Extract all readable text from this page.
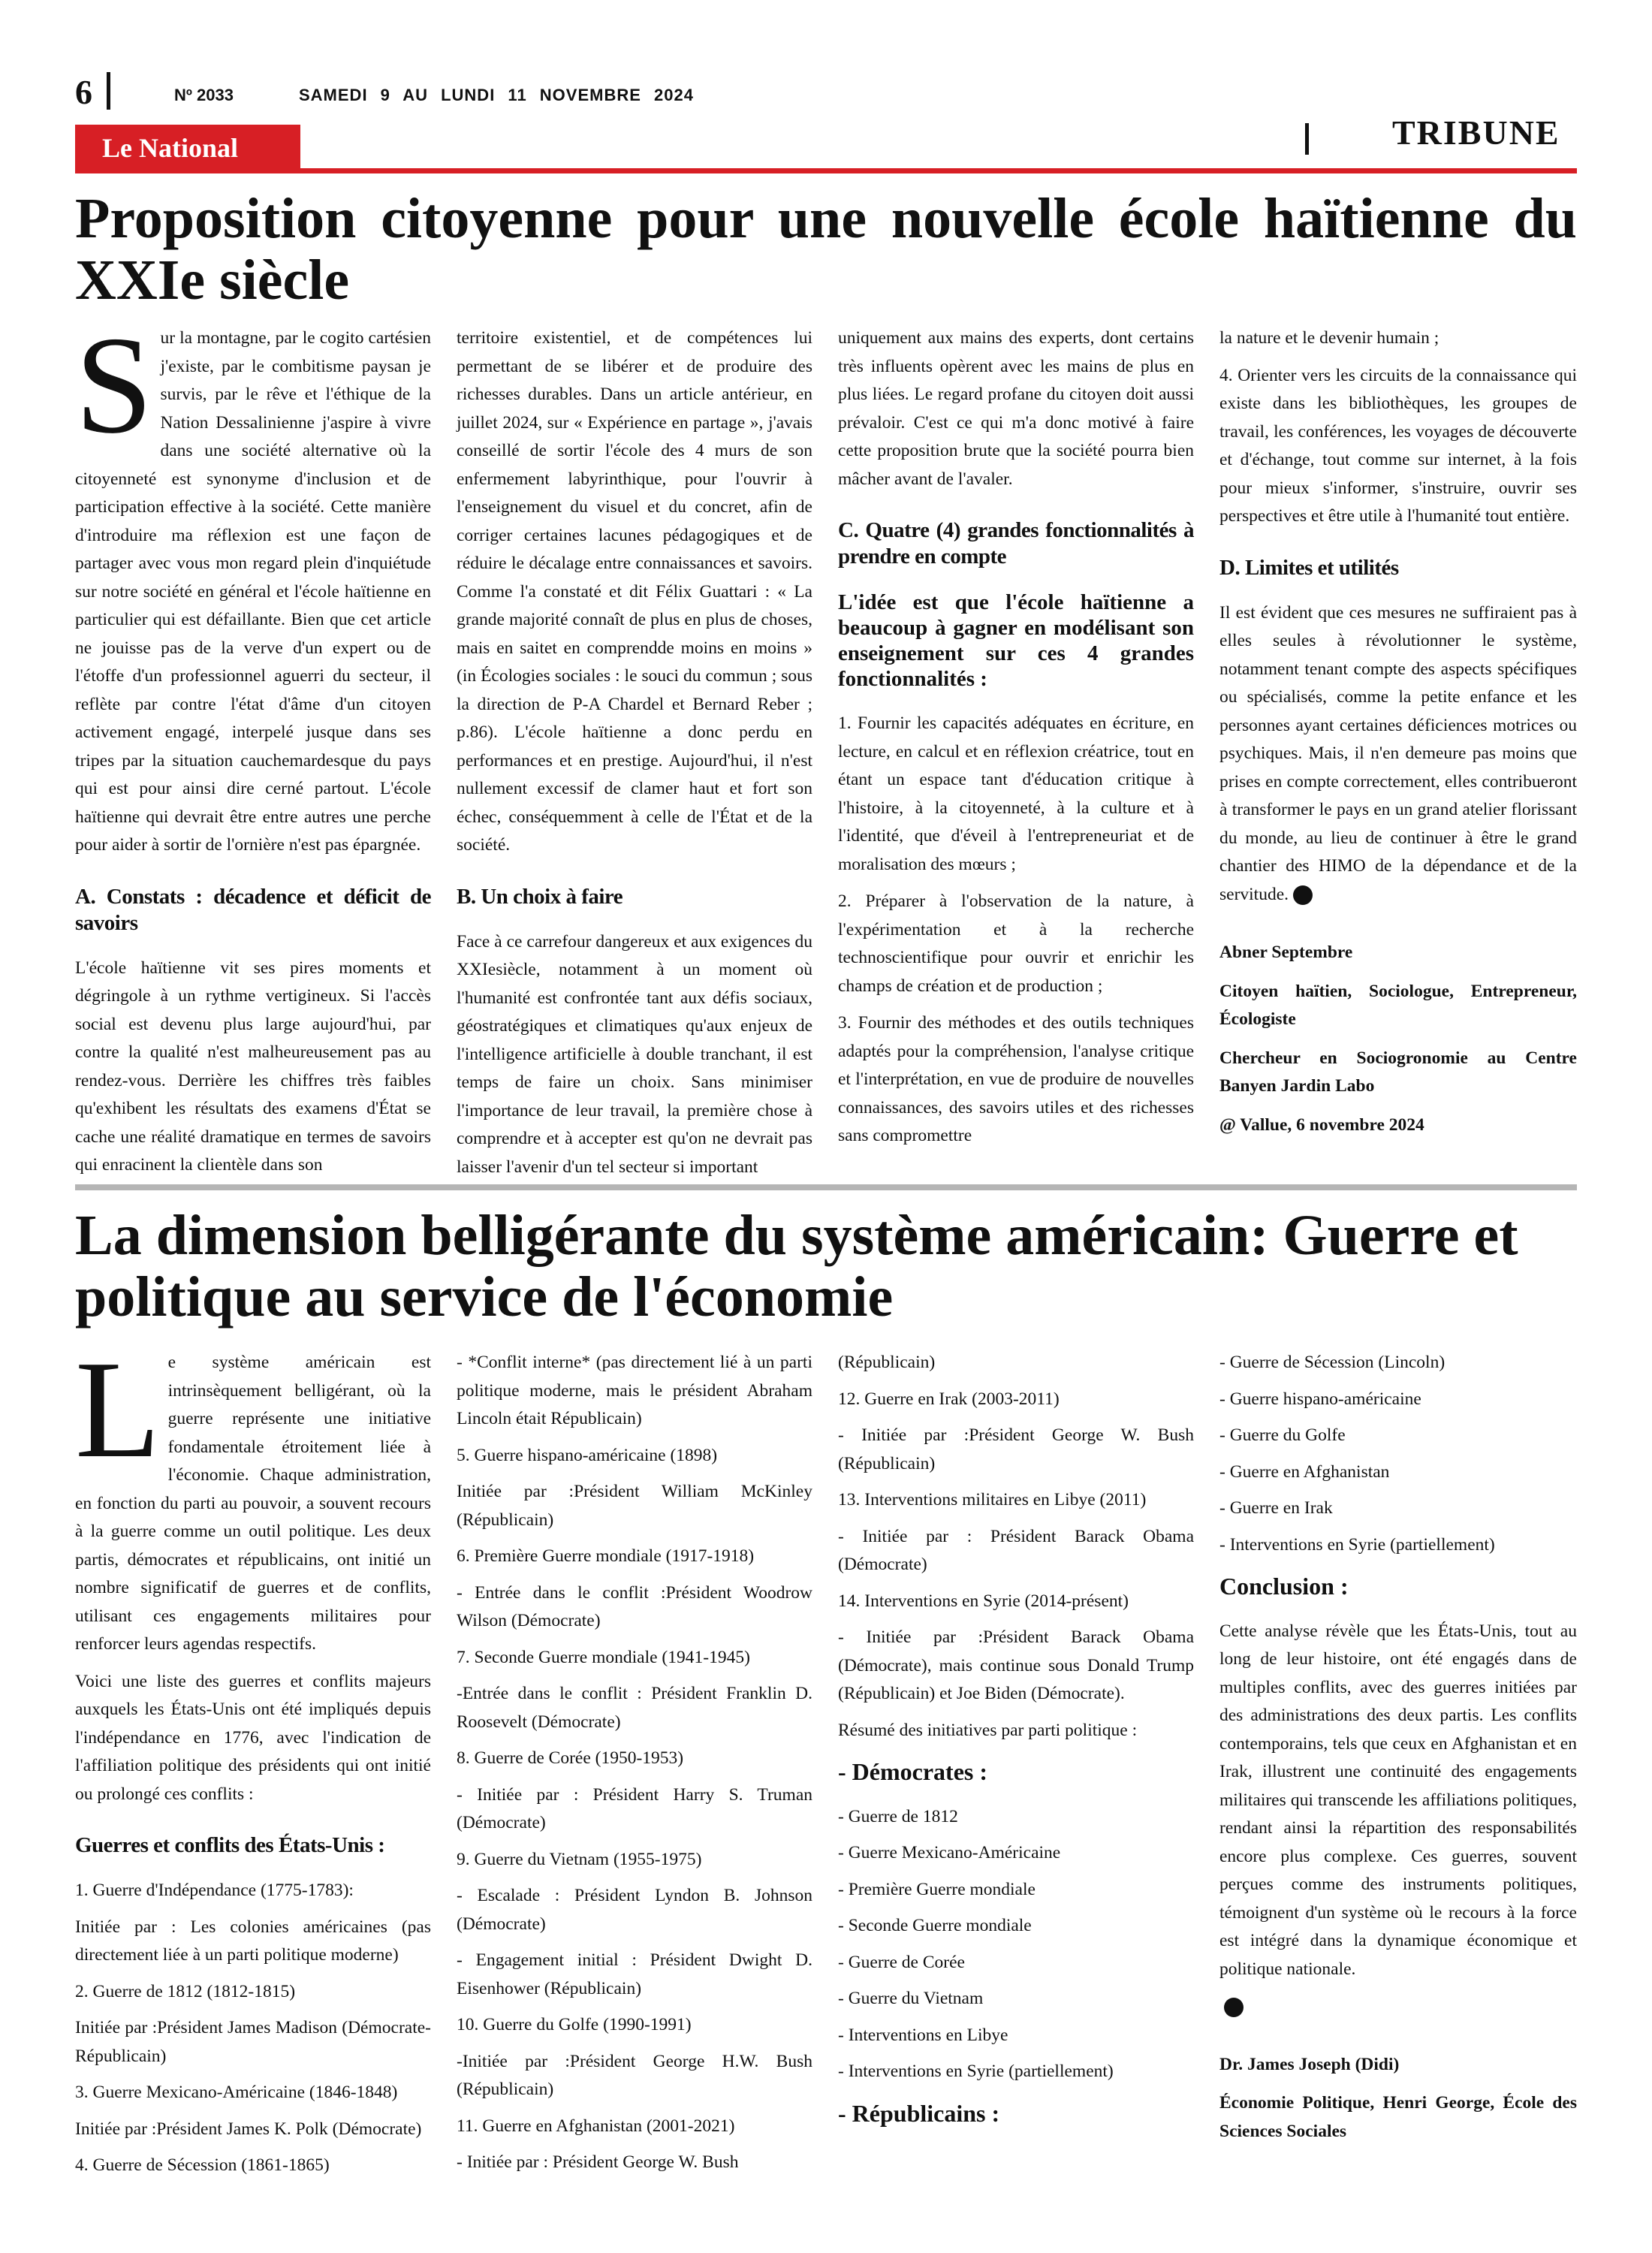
6	Nº 2033	SAMEDI 9 AU LUNDI 11 NOVEMBRE 2024
Le National	TRIBUNE
Proposition citoyenne pour une nouvelle école haïtienne du XXIe siècle

Sur la montagne, par le cogito cartésien j'existe, par le combitisme paysan je survis, par le rêve et l'éthique de la Nation Dessalinienne j'aspire à vivre dans une société alternative où la citoyenneté est synonyme d'inclusion et de participation effective à la société. Cette manière d'introduire ma réflexion est une façon de partager avec vous mon regard plein d'inquiétude sur notre société en général et l'école haïtienne en particulier qui est défaillante. Bien que cet article ne jouisse pas de la verve d'un expert ou de l'étoffe d'un professionnel aguerri du secteur, il reflète par contre l'état d'âme d'un citoyen activement engagé, interpelé jusque dans ses tripes par la situation cauchemardesque du pays qui est pour ainsi dire cerné partout. L'école haïtienne qui devrait être entre autres une perche pour aider à sortir de l'ornière n'est pas épargnée.

A. Constats : décadence et déficit de savoirs

L'école haïtienne vit ses pires moments et dégringole à un rythme vertigineux. Si l'accès social est devenu plus large aujourd'hui, par contre la qualité n'est malheureusement pas au rendez-vous. Derrière les chiffres très faibles qu'exhibent les résultats des examens d'État se cache une réalité dramatique en termes de savoirs qui enracinent la clientèle dans son

territoire existentiel, et de compétences lui permettant de se libérer et de produire des richesses durables. Dans un article antérieur, en juillet 2024, sur « Expérience en partage », j'avais conseillé de sortir l'école des 4 murs de son enfermement labyrinthique, pour l'ouvrir à l'enseignement du visuel et du concret, afin de corriger certaines lacunes pédagogiques et de réduire le décalage entre connaissances et savoirs. Comme l'a constaté et dit Félix Guattari : « La grande majorité connaît de plus en plus de choses, mais en saitet en comprendde moins en moins » (in Écologies sociales : le souci du commun ; sous la direction de P-A Chardel et Bernard Reber ; p.86). L'école haïtienne a donc perdu en performances et en prestige. Aujourd'hui, il n'est nullement excessif de clamer haut et fort son échec, conséquemment à celle de l'État et de la société.

B. Un choix à faire

Face à ce carrefour dangereux et aux exigences du XXIesiècle, notamment à un moment où l'humanité est confrontée tant aux défis sociaux, géostratégiques et climatiques qu'aux enjeux de l'intelligence artificielle à double tranchant, il est temps de faire un choix. Sans minimiser l'importance de leur travail, la première chose à comprendre et à accepter est qu'on ne devrait pas laisser l'avenir d'un tel secteur si important

uniquement aux mains des experts, dont certains très influents opèrent avec les mains de plus en plus liées. Le regard profane du citoyen doit aussi prévaloir. C'est ce qui m'a donc motivé à faire cette proposition brute que la société pourra bien mâcher avant de l'avaler.

C. Quatre (4) grandes fonctionnalités à prendre en compte

L'idée est que l'école haïtienne a beaucoup à gagner en modélisant son enseignement sur ces 4 grandes fonctionnalités :

1. Fournir les capacités adéquates en écriture, en lecture, en calcul et en réflexion créatrice, tout en étant un espace tant d'éducation critique à l'histoire, à la citoyenneté, à la culture et à l'identité, que d'éveil à l'entrepreneuriat et de moralisation des mœurs ;

2. Préparer à l'observation de la nature, à l'expérimentation et à la recherche technoscientifique pour ouvrir et enrichir les champs de création et de production ;

3. Fournir des méthodes et des outils techniques adaptés pour la compréhension, l'analyse critique et l'interprétation, en vue de produire de nouvelles connaissances, des savoirs utiles et des richesses sans compromettre

la nature et le devenir humain ;

4. Orienter vers les circuits de la connaissance qui existe dans les bibliothèques, les groupes de travail, les conférences, les voyages de découverte et d'échange, tout comme sur internet, à la fois pour mieux s'informer, s'instruire, ouvrir ses perspectives et être utile à l'humanité tout entière.

D. Limites et utilités

Il est évident que ces mesures ne suffiraient pas à elles seules à révolutionner le système, notamment tenant compte des aspects spécifiques ou spécialisés, comme la petite enfance et les personnes ayant certaines déficiences motrices ou psychiques. Mais, il n'en demeure pas moins que prises en compte correctement, elles contribueront à transformer le pays en un grand atelier florissant du monde, au lieu de continuer à être le grand chantier des HIMO de la dépendance et de la servitude.

Abner Septembre

Citoyen haïtien, Sociologue, Entrepreneur, Écologiste

Chercheur en Sociogronomie au Centre Banyen Jardin Labo

@ Vallue, 6 novembre 2024

La dimension belligérante du système américain: Guerre et politique au service de l'économie

Le système américain est intrinsèquement belligérant, où la guerre représente une initiative fondamentale étroitement liée à l'économie. Chaque administration, en fonction du parti au pouvoir, a souvent recours à la guerre comme un outil politique. Les deux partis, démocrates et républicains, ont initié un nombre significatif de guerres et de conflits, utilisant ces engagements militaires pour renforcer leurs agendas respectifs.

Voici une liste des guerres et conflits majeurs auxquels les États-Unis ont été impliqués depuis l'indépendance en 1776, avec l'indication de l'affiliation politique des présidents qui ont initié ou prolongé ces conflits :

Guerres et conflits des États-Unis :

1. Guerre d'Indépendance (1775-1783):

Initiée par : Les colonies américaines (pas directement liée à un parti politique moderne)

2. Guerre de 1812 (1812-1815)

Initiée par :Président James Madison (Démocrate-Républicain)

3. Guerre Mexicano-Américaine (1846-1848)

Initiée par :Président James K. Polk (Démocrate)

4. Guerre de Sécession (1861-1865)

- *Conflit interne* (pas directement lié à un parti politique moderne, mais le président Abraham Lincoln était Républicain)

5. Guerre hispano-américaine (1898)

Initiée par :Président William McKinley (Républicain)

6. Première Guerre mondiale (1917-1918)

- Entrée dans le conflit :Président Woodrow Wilson (Démocrate)

7. Seconde Guerre mondiale (1941-1945)

-Entrée dans le conflit : Président Franklin D. Roosevelt (Démocrate)

8. Guerre de Corée (1950-1953)

- Initiée par : Président Harry S. Truman (Démocrate)

9. Guerre du Vietnam (1955-1975)

- Escalade : Président Lyndon B. Johnson (Démocrate)

- Engagement initial : Président Dwight D. Eisenhower (Républicain)

10. Guerre du Golfe (1990-1991)

-Initiée par :Président George H.W. Bush (Républicain)

11. Guerre en Afghanistan (2001-2021)

- Initiée par : Président George W. Bush

(Républicain)

12. Guerre en Irak (2003-2011)

- Initiée par :Président George W. Bush (Républicain)

13. Interventions militaires en Libye (2011)

- Initiée par : Président Barack Obama (Démocrate)

14. Interventions en Syrie (2014-présent)

- Initiée par :Président Barack Obama (Démocrate), mais continue sous Donald Trump (Républicain) et Joe Biden (Démocrate).

Résumé des initiatives par parti politique :

- Démocrates :

- Guerre de 1812

- Guerre Mexicano-Américaine

- Première Guerre mondiale

- Seconde Guerre mondiale

- Guerre de Corée

- Guerre du Vietnam

- Interventions en Libye

- Interventions en Syrie (partiellement)

- Républicains :

- Guerre de Sécession (Lincoln)

- Guerre hispano-américaine

- Guerre du Golfe

- Guerre en Afghanistan

- Guerre en Irak

- Interventions en Syrie (partiellement)

Conclusion :

Cette analyse révèle que les États-Unis, tout au long de leur histoire, ont été engagés dans de multiples conflits, avec des guerres initiées par des administrations des deux partis. Les conflits contemporains, tels que ceux en Afghanistan et en Irak, illustrent une continuité des engagements militaires qui transcende les affiliations politiques, rendant ainsi la répartition des responsabilités encore plus complexe. Ces guerres, souvent perçues comme des instruments politiques, témoignent d'un système où le recours à la force est intégré dans la dynamique économique et politique nationale.

Dr. James Joseph (Didi)

Économie Politique, Henri George, École des Sciences Sociales
